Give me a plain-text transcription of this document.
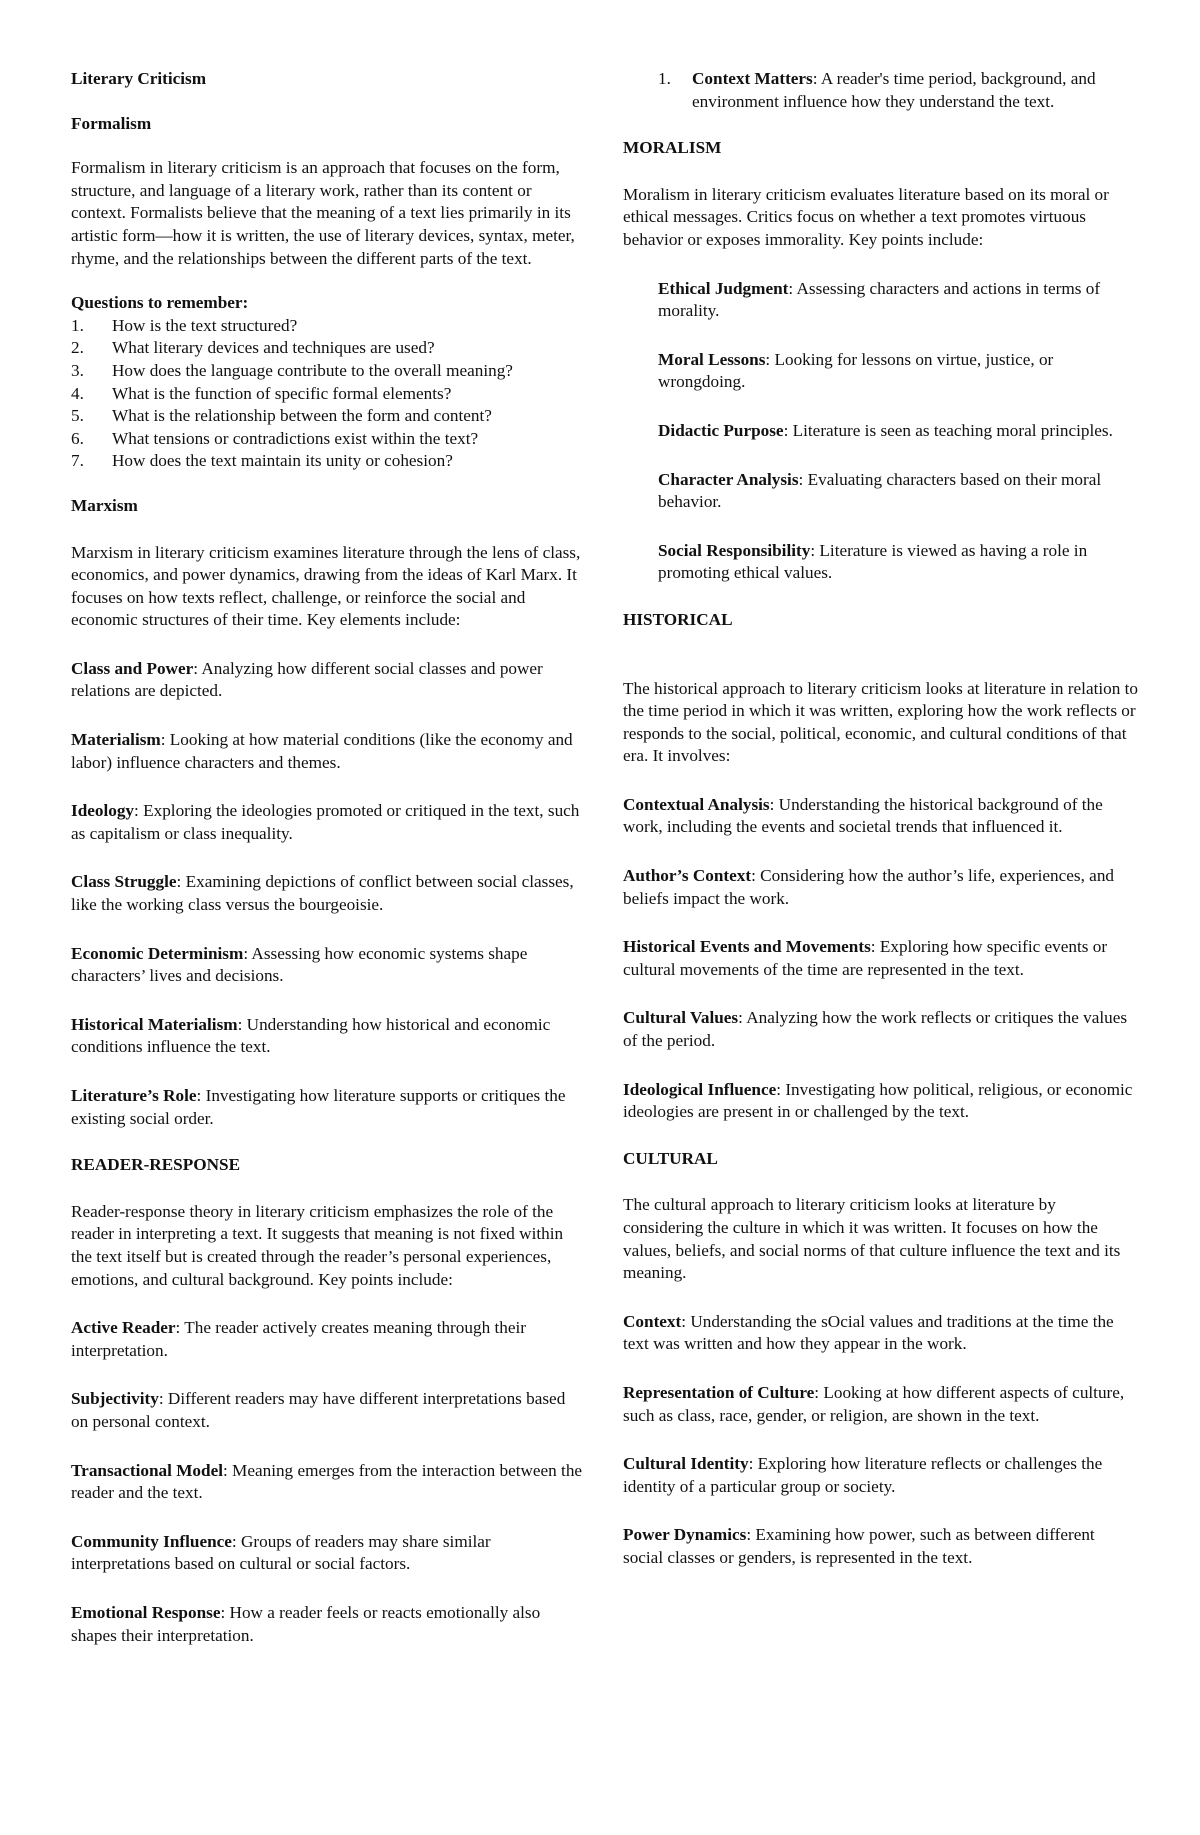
Literary Criticism

Formalism

Formalism in literary criticism is an approach that focuses on the form, structure, and language of a literary work, rather than its content or context. Formalists believe that the meaning of a text lies primarily in its artistic form—how it is written, the use of literary devices, syntax, meter, rhyme, and the relationships between the different parts of the text.

Questions to remember:

1.	How is the text structured?
2.	What literary devices and techniques are used?
3.	How does the language contribute to the overall meaning?
4.	What is the function of specific formal elements?
5.	What is the relationship between the form and content?
6.	What tensions or contradictions exist within the text?
7.	How does the text maintain its unity or cohesion?

Marxism

Marxism in literary criticism examines literature through the lens of class, economics, and power dynamics, drawing from the ideas of Karl Marx. It focuses on how texts reflect, challenge, or reinforce the social and economic structures of their time. Key elements include:

Class and Power: Analyzing how different social classes and power relations are depicted.

Materialism: Looking at how material conditions (like the economy and labor) influence characters and themes.

Ideology: Exploring the ideologies promoted or critiqued in the text, such as capitalism or class inequality.

Class Struggle: Examining depictions of conflict between social classes, like the working class versus the bourgeoisie.

Economic Determinism: Assessing how economic systems shape characters’ lives and decisions.

Historical Materialism: Understanding how historical and economic conditions influence the text.

Literature’s Role: Investigating how literature supports or critiques the existing social order.

READER-RESPONSE

Reader-response theory in literary criticism emphasizes the role of the reader in interpreting a text. It suggests that meaning is not fixed within the text itself but is created through the reader’s personal experiences, emotions, and cultural background. Key points include:

Active Reader: The reader actively creates meaning through their interpretation.

Subjectivity: Different readers may have different interpretations based on personal context.

Transactional Model: Meaning emerges from the interaction between the reader and the text.

Community Influence: Groups of readers may share similar interpretations based on cultural or social factors.

Emotional Response: How a reader feels or reacts emotionally also shapes their interpretation.

1.	Context Matters: A reader's time period, background, and environment influence how they understand the text.

MORALISM

Moralism in literary criticism evaluates literature based on its moral or ethical messages. Critics focus on whether a text promotes virtuous behavior or exposes immorality. Key points include:

Ethical Judgment: Assessing characters and actions in terms of morality.

Moral Lessons: Looking for lessons on virtue, justice, or wrongdoing.

Didactic Purpose: Literature is seen as teaching moral principles.

Character Analysis: Evaluating characters based on their moral behavior.

Social Responsibility: Literature is viewed as having a role in promoting ethical values.

HISTORICAL

The historical approach to literary criticism looks at literature in relation to the time period in which it was written, exploring how the work reflects or responds to the social, political, economic, and cultural conditions of that era. It involves:

Contextual Analysis: Understanding the historical background of the work, including the events and societal trends that influenced it.

Author’s Context: Considering how the author’s life, experiences, and beliefs impact the work.

Historical Events and Movements: Exploring how specific events or cultural movements of the time are represented in the text.

Cultural Values: Analyzing how the work reflects or critiques the values of the period.

Ideological Influence: Investigating how political, religious, or economic ideologies are present in or challenged by the text.

CULTURAL

The cultural approach to literary criticism looks at literature by considering the culture in which it was written. It focuses on how the values, beliefs, and social norms of that culture influence the text and its meaning.

Context: Understanding the sOcial values and traditions at the time the text was written and how they appear in the work.

Representation of Culture: Looking at how different aspects of culture, such as class, race, gender, or religion, are shown in the text.

Cultural Identity: Exploring how literature reflects or challenges the identity of a particular group or society.

Power Dynamics: Examining how power, such as between different social classes or genders, is represented in the text.
